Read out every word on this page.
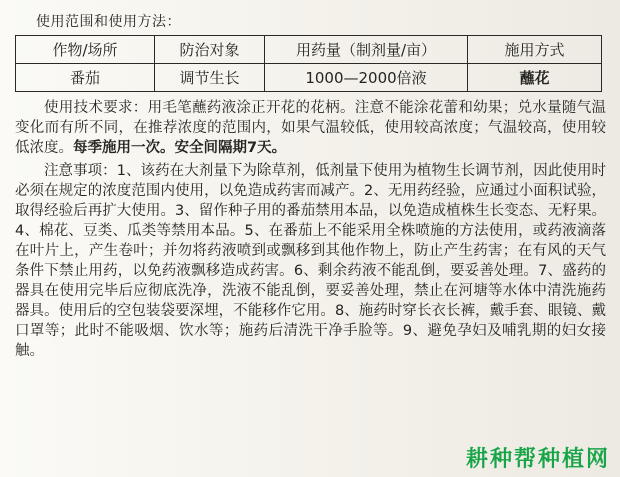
使用范围和使用方法：
作物/场所	防治对象	用药量（制剂量/亩）	施用方式
番茄	调节生长	1000—2000倍液	蘸花

使用技术要求：用毛笔蘸药液涂正开花的花柄。注意不能涂花蕾和幼果；兑水量随气温变化而有所不同，在推荐浓度的范围内，如果气温较低，使用较高浓度；气温较高，使用较低浓度。每季施用一次。安全间隔期7天。

注意事项：1、该药在大剂量下为除草剂，低剂量下使用为植物生长调节剂，因此使用时必须在规定的浓度范围内使用，以免造成药害而减产。2、无用药经验，应通过小面积试验，取得经验后再扩大使用。3、留作种子用的番茄禁用本品，以免造成植株生长变态、无籽果。4、棉花、豆类、瓜类等禁用本品。5、在番茄上不能采用全株喷施的方法使用，或药液滴落在叶片上，产生卷叶；并勿将药液喷到或飘移到其他作物上，防止产生药害；在有风的天气条件下禁止用药，以免药液飘移造成药害。6、剩余药液不能乱倒，要妥善处理。7、盛药的器具在使用完毕后应彻底洗净，洗液不能乱倒，要妥善处理，禁止在河塘等水体中清洗施药器具。使用后的空包装袋要深埋，不能移作它用。8、施药时穿长衣长裤，戴手套、眼镜、戴口罩等；此时不能吸烟、饮水等；施药后清洗干净手脸等。9、避免孕妇及哺乳期的妇女接触。

耕种帮种植网
